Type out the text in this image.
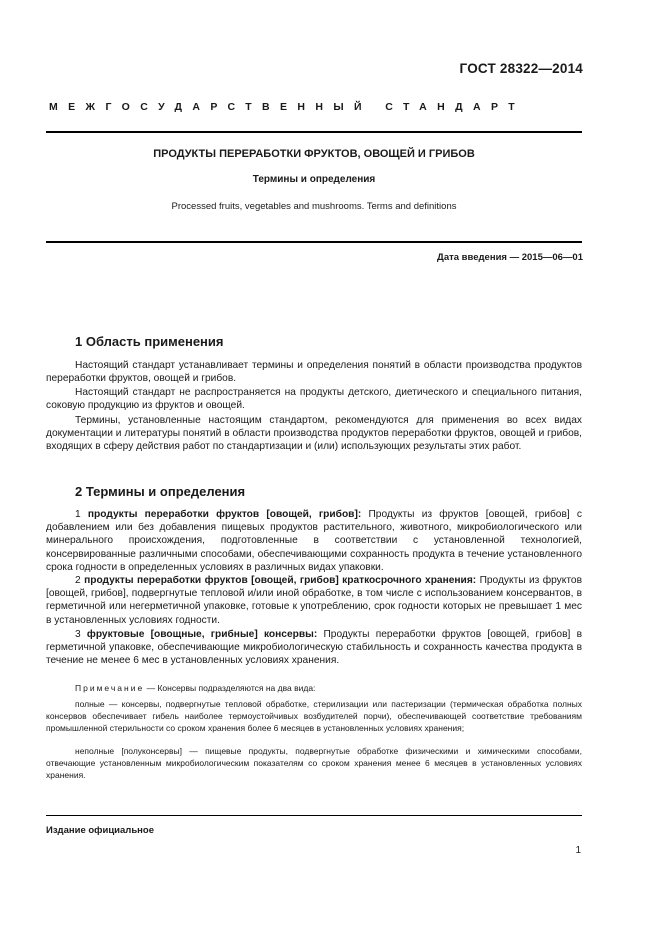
ГОСТ 28322—2014
МЕЖГОСУДАРСТВЕННЫЙ СТАНДАРТ
ПРОДУКТЫ ПЕРЕРАБОТКИ ФРУКТОВ, ОВОЩЕЙ И ГРИБОВ
Термины и определения
Processed fruits, vegetables and mushrooms. Terms and definitions
Дата введения — 2015—06—01
1 Область применения

Настоящий стандарт устанавливает термины и определения понятий в области производства продуктов переработки фруктов, овощей и грибов.

Настоящий стандарт не распространяется на продукты детского, диетического и специального питания, соковую продукцию из фруктов и овощей.

Термины, установленные настоящим стандартом, рекомендуются для применения во всех видах документации и литературы понятий в области производства продуктов переработки фруктов, овощей и грибов, входящих в сферу действия работ по стандартизации и (или) использующих результаты этих работ.

2 Термины и определения

1 продукты переработки фруктов [овощей, грибов]: Продукты из фруктов [овощей, грибов] с добавлением или без добавления пищевых продуктов растительного, животного, микробиологического или минерального происхождения, подготовленные в соответствии с установленной технологией, консервированные различными способами, обеспечивающими сохранность продукта в течение установленного срока годности в определенных условиях в различных видах упаковки.

2 продукты переработки фруктов [овощей, грибов] краткосрочного хранения: Продукты из фруктов [овощей, грибов], подвергнутые тепловой и/или иной обработке, в том числе с использованием консервантов, в герметичной или негерметичной упаковке, готовые к употреблению, срок годности которых не превышает 1 мес в установленных условиях годности.

3 фруктовые [овощные, грибные] консервы: Продукты переработки фруктов [овощей, грибов] в герметичной упаковке, обеспечивающие микробиологическую стабильность и сохранность качества продукта в течение не менее 6 мес в установленных условиях хранения.

Примечание — Консервы подразделяются на два вида:

полные — консервы, подвергнутые тепловой обработке, стерилизации или пастеризации (термическая обработка полных консервов обеспечивает гибель наиболее термоустойчивых возбудителей порчи), обеспечивающей соответствие требованиям промышленной стерильности со сроком хранения более 6 месяцев в установленных условиях хранения;

неполные [полуконсервы] — пищевые продукты, подвергнутые обработке физическими и химическими способами, отвечающие установленным микробиологическим показателям со сроком хранения менее 6 месяцев в установленных условиях хранения.

Издание официальное
1
